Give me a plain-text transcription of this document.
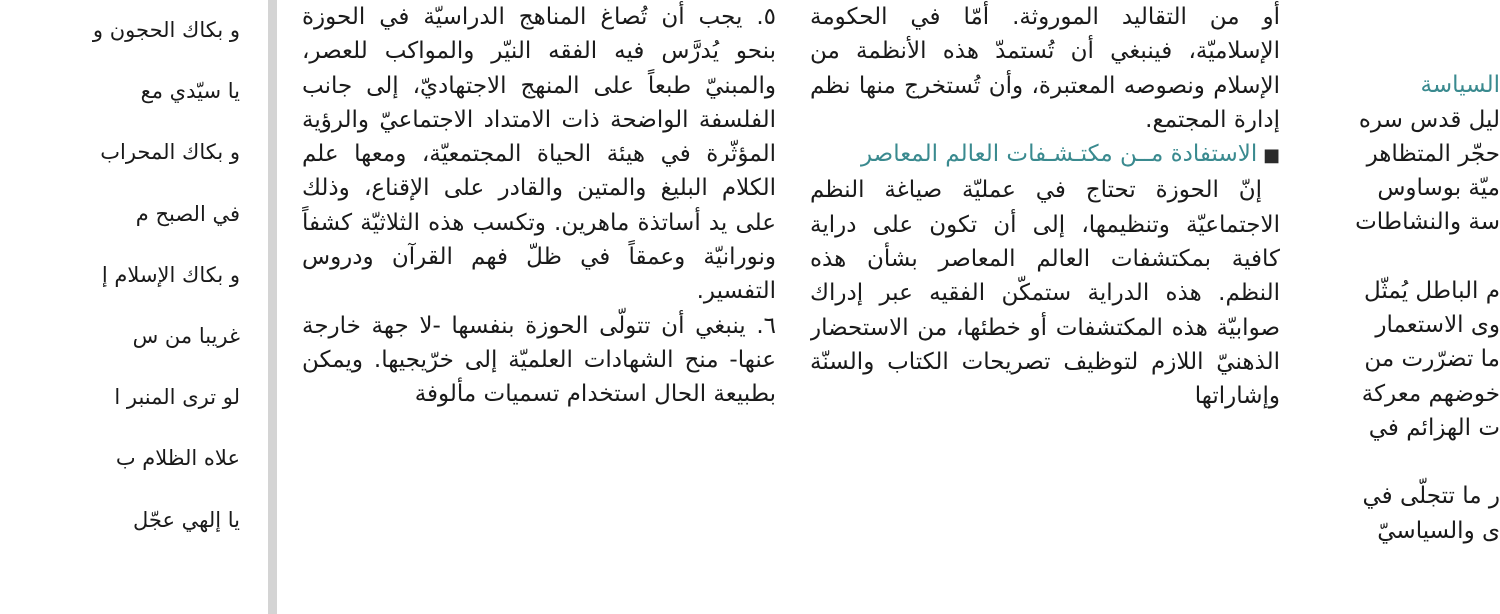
و بكاك الحجون و

يا سيّدي مع

و بكاك المحراب

في الصبح م

و بكاك الإسلام إ

غريبا من س

لو ترى المنبر ا

علاه الظلام ب

يا إلهي عجّل

٥. يجب أن تُصاغ المناهج الدراسيّة في الحوزة بنحو يُدرَّس فيه الفقه النيّر والمواكب للعصر، والمبنيّ طبعاً على المنهج الاجتهاديّ، إلى جانب الفلسفة الواضحة ذات الامتداد الاجتماعيّ والرؤية المؤثّرة في هيئة الحياة المجتمعيّة، ومعها علم الكلام البليغ والمتين والقادر على الإقناع، وذلك على يد أساتذة ماهرين. وتكسب هذه الثلاثيّة كشفاً ونورانيّة وعمقاً في ظلّ فهم القرآن ودروس التفسير.

٦. ينبغي أن تتولّى الحوزة بنفسها -لا جهة خارجة عنها- منح الشهادات العلميّة إلى خرّيجيها. ويمكن بطبيعة الحال استخدام تسميات مألوفة

أو من التقاليد الموروثة. أمّا في الحكومة الإسلاميّة، فينبغي أن تُستمدّ هذه الأنظمة من الإسلام ونصوصه المعتبرة، وأن تُستخرج منها نظم إدارة المجتمع.

■ الاستفادة مــن مكتـشـفات العالم المعاصر

إنّ الحوزة تحتاج في عمليّة صياغة النظم الاجتماعيّة وتنظيمها، إلى أن تكون على دراية كافية بمكتشفات العالم المعاصر بشأن هذه النظم. هذه الدراية ستمكّن الفقيه عبر إدراك صوابيّة هذه المكتشفات أو خطئها، من الاستحضار الذهنيّ اللازم لتوظيف تصريحات الكتاب والسنّة وإشاراتها

السياسة

ليل قدس سره

حجّر المتظاهر

ميّة بوساوس

سة والنشاطات

م الباطل يُمثّل

وى الاستعمار

ما تضرّرت من

خوضهم معركة

ت الهزائم في

ر ما تتجلّى في

ى والسياسيّ
